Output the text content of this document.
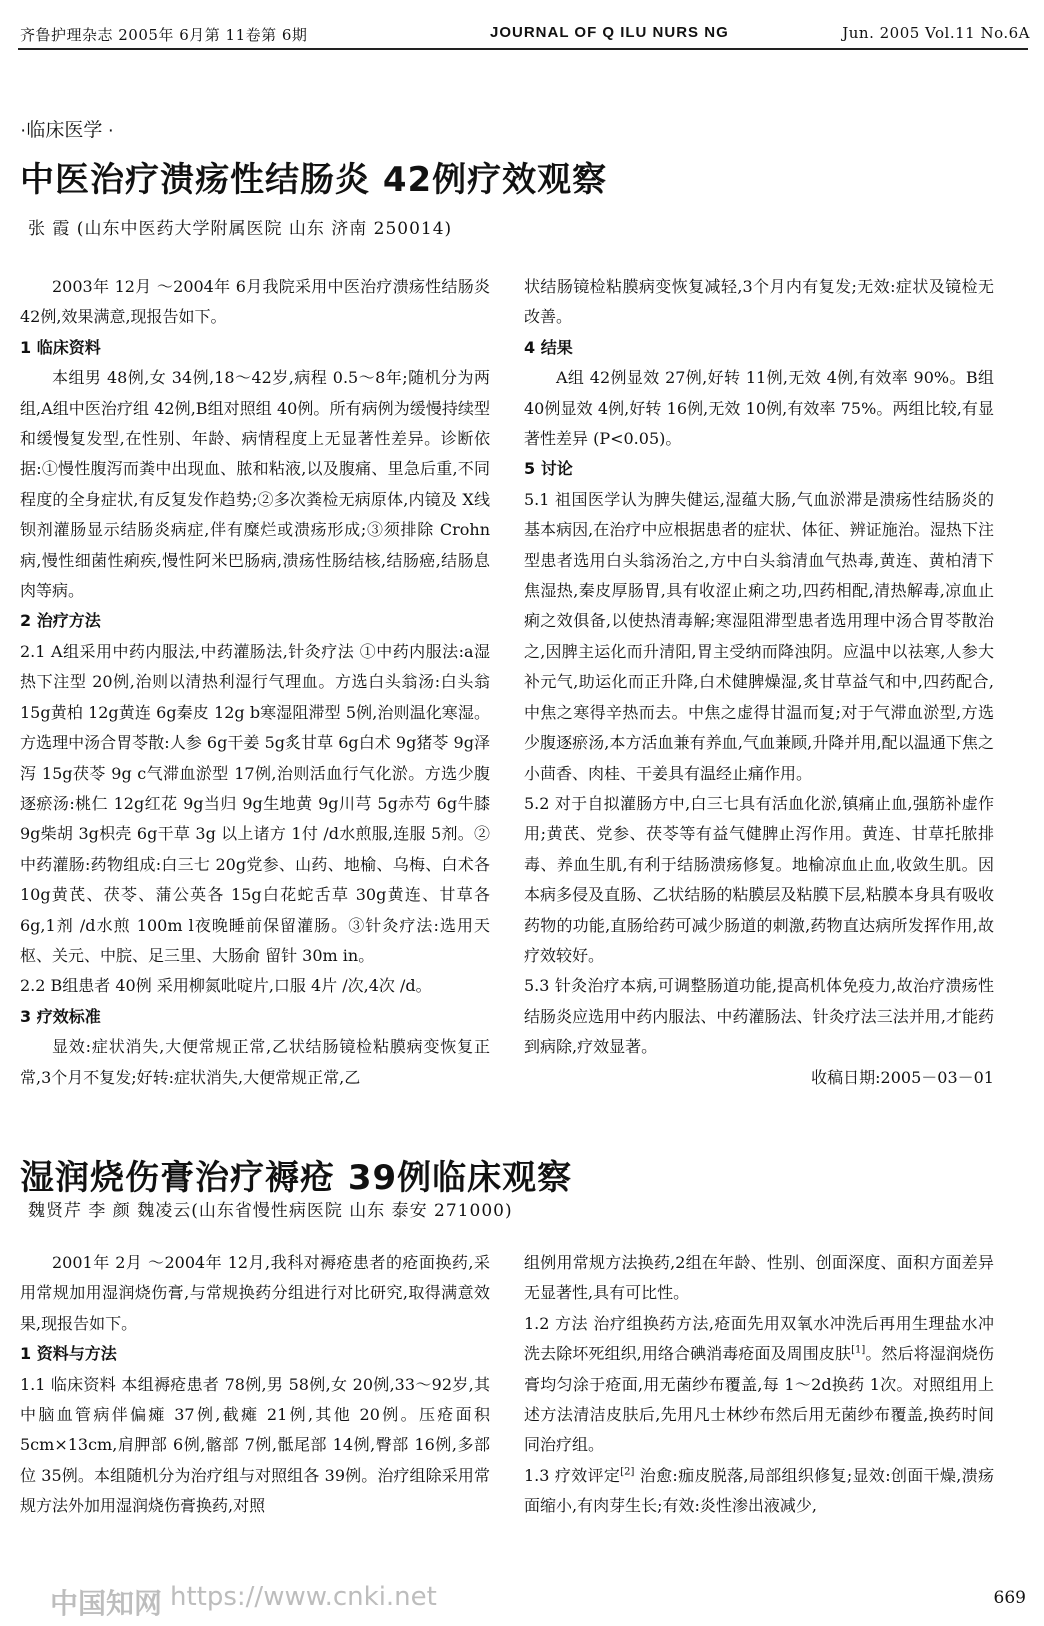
齐鲁护理杂志 2005年 6月第 11卷第 6期	JOURNAL OF Q ILU NURS NG	Jun. 2005 Vol.11 No.6A
·临床医学 ·
中医治疗溃疡性结肠炎 42例疗效观察
张 霞 (山东中医药大学附属医院 山东 济南 250014)

2003年 12月 ～2004年 6月我院采用中医治疗溃疡性结肠炎 42例,效果满意,现报告如下。

1 临床资料

本组男 48例,女 34例,18～42岁,病程 0.5～8年;随机分为两组,A组中医治疗组 42例,B组对照组 40例。所有病例为缓慢持续型和缓慢复发型,在性别、年龄、病情程度上无显著性差异。诊断依据:①慢性腹泻而粪中出现血、脓和粘液,以及腹痛、里急后重,不同程度的全身症状,有反复发作趋势;②多次粪检无病原体,内镜及 X线钡剂灌肠显示结肠炎病症,伴有糜烂或溃疡形成;③须排除 Crohn病,慢性细菌性痢疾,慢性阿米巴肠病,溃疡性肠结核,结肠癌,结肠息肉等病。

2 治疗方法

2.1 A组采用中药内服法,中药灌肠法,针灸疗法 ①中药内服法:a湿热下注型 20例,治则以清热利湿行气理血。方选白头翁汤:白头翁 15g黄柏 12g黄连 6g秦皮 12g b寒湿阻滞型 5例,治则温化寒湿。方选理中汤合胃苓散:人参 6g干姜 5g炙甘草 6g白术 9g猪苓 9g泽泻 15g茯苓 9g c气滞血淤型 17例,治则活血行气化淤。方选少腹逐瘀汤:桃仁 12g红花 9g当归 9g生地黄 9g川芎 5g赤芍 6g牛膝 9g柴胡 3g枳壳 6g干草 3g 以上诸方 1付 /d水煎服,连服 5剂。②中药灌肠:药物组成:白三七 20g党参、山药、地榆、乌梅、白术各 10g黄芪、茯苓、蒲公英各 15g白花蛇舌草 30g黄连、甘草各 6g,1剂 /d水煎 100m l夜晚睡前保留灌肠。③针灸疗法:选用天枢、关元、中脘、足三里、大肠俞 留针 30m in。

2.2 B组患者 40例 采用柳氮吡啶片,口服 4片 /次,4次 /d。

3 疗效标准

显效:症状消失,大便常规正常,乙状结肠镜检粘膜病变恢复正常,3个月不复发;好转:症状消失,大便常规正常,乙

状结肠镜检粘膜病变恢复减轻,3个月内有复发;无效:症状及镜检无改善。

4 结果

A组 42例显效 27例,好转 11例,无效 4例,有效率 90%。B组 40例显效 4例,好转 16例,无效 10例,有效率 75%。两组比较,有显著性差异 (P<0.05)。

5 讨论

5.1 祖国医学认为脾失健运,湿蕴大肠,气血淤滞是溃疡性结肠炎的基本病因,在治疗中应根据患者的症状、体征、辨证施治。湿热下注型患者选用白头翁汤治之,方中白头翁清血气热毒,黄连、黄柏清下焦湿热,秦皮厚肠胃,具有收涩止痢之功,四药相配,清热解毒,凉血止痢之效俱备,以使热清毒解;寒湿阻滞型患者选用理中汤合胃苓散治之,因脾主运化而升清阳,胃主受纳而降浊阴。应温中以祛寒,人参大补元气,助运化而正升降,白术健脾燥湿,炙甘草益气和中,四药配合,中焦之寒得辛热而去。中焦之虚得甘温而复;对于气滞血淤型,方选少腹逐瘀汤,本方活血兼有养血,气血兼顾,升降并用,配以温通下焦之小茴香、肉桂、干姜具有温经止痛作用。

5.2 对于自拟灌肠方中,白三七具有活血化淤,镇痛止血,强筋补虚作用;黄芪、党参、茯苓等有益气健脾止泻作用。黄连、甘草托脓排毒、养血生肌,有利于结肠溃疡修复。地榆凉血止血,收敛生肌。因本病多侵及直肠、乙状结肠的粘膜层及粘膜下层,粘膜本身具有吸收药物的功能,直肠给药可减少肠道的刺激,药物直达病所发挥作用,故疗效较好。

5.3 针灸治疗本病,可调整肠道功能,提高机体免疫力,故治疗溃疡性结肠炎应选用中药内服法、中药灌肠法、针灸疗法三法并用,才能药到病除,疗效显著。

收稿日期:2005－03－01

湿润烧伤膏治疗褥疮 39例临床观察
魏贤芹 李 颜 魏凌云(山东省慢性病医院 山东 泰安 271000)

2001年 2月 ～2004年 12月,我科对褥疮患者的疮面换药,采用常规加用湿润烧伤膏,与常规换药分组进行对比研究,取得满意效果,现报告如下。

1 资料与方法

1.1 临床资料 本组褥疮患者 78例,男 58例,女 20例,33～92岁,其中脑血管病伴偏瘫 37例,截瘫 21例,其他 20例。压疮面积 5cm×13cm,肩胛部 6例,髂部 7例,骶尾部 14例,臀部 16例,多部位 35例。本组随机分为治疗组与对照组各 39例。治疗组除采用常规方法外加用湿润烧伤膏换药,对照

组例用常规方法换药,2组在年龄、性别、创面深度、面积方面差异无显著性,具有可比性。

1.2 方法 治疗组换药方法,疮面先用双氧水冲洗后再用生理盐水冲洗去除坏死组织,用络合碘消毒疮面及周围皮肤[1]。然后将湿润烧伤膏均匀涂于疮面,用无菌纱布覆盖,每 1～2d换药 1次。对照组用上述方法清洁皮肤后,先用凡士林纱布然后用无菌纱布覆盖,换药时间同治疗组。

1.3 疗效评定[2] 治愈:痂皮脱落,局部组织修复;显效:创面干燥,溃疡面缩小,有肉芽生长;有效:炎性渗出液减少,

中国知网 https://www.cnki.net	669
